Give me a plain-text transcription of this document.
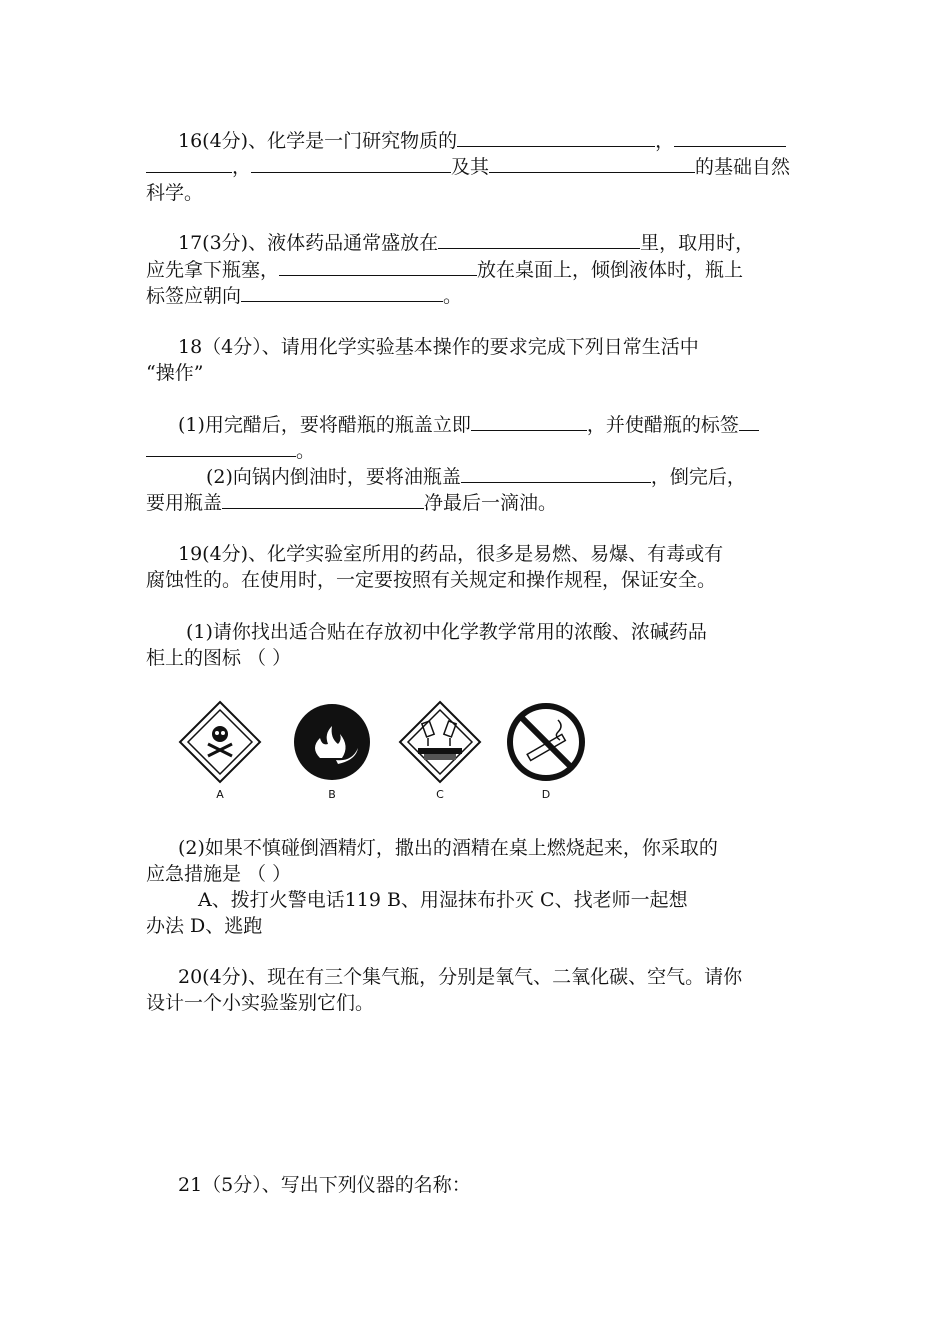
16(4分)、化学是一门研究物质的	，
，	及其	的基础自然
科学。
17(3分)、液体药品通常盛放在	里，取用时，
应先拿下瓶塞，	放在桌面上，倾倒液体时，瓶上
标签应朝向	。
18（4分）、请用化学实验基本操作的要求完成下列日常生活中
“操作”
(1)用完醋后，要将醋瓶的瓶盖立即	，并使醋瓶的标签
。
(2)向锅内倒油时，要将油瓶盖	，倒完后，
要用瓶盖	净最后一滴油。
19(4分)、化学实验室所用的药品，很多是易燃、易爆、有毒或有
腐蚀性的。在使用时，一定要按照有关规定和操作规程，保证安全。
(1)请你找出适合贴在存放初中化学教学常用的浓酸、浓碱药品
柜上的图标 （ ）
A	B	C	D
(2)如果不慎碰倒酒精灯，撒出的酒精在桌上燃烧起来，你采取的
应急措施是 （ ）
A、拨打火警电话119 B、用湿抹布扑灭 C、找老师一起想
办法 D、逃跑
20(4分)、现在有三个集气瓶，分别是氧气、二氧化碳、空气。请你
设计一个小实验鉴别它们。
21（5分）、写出下列仪器的名称：
